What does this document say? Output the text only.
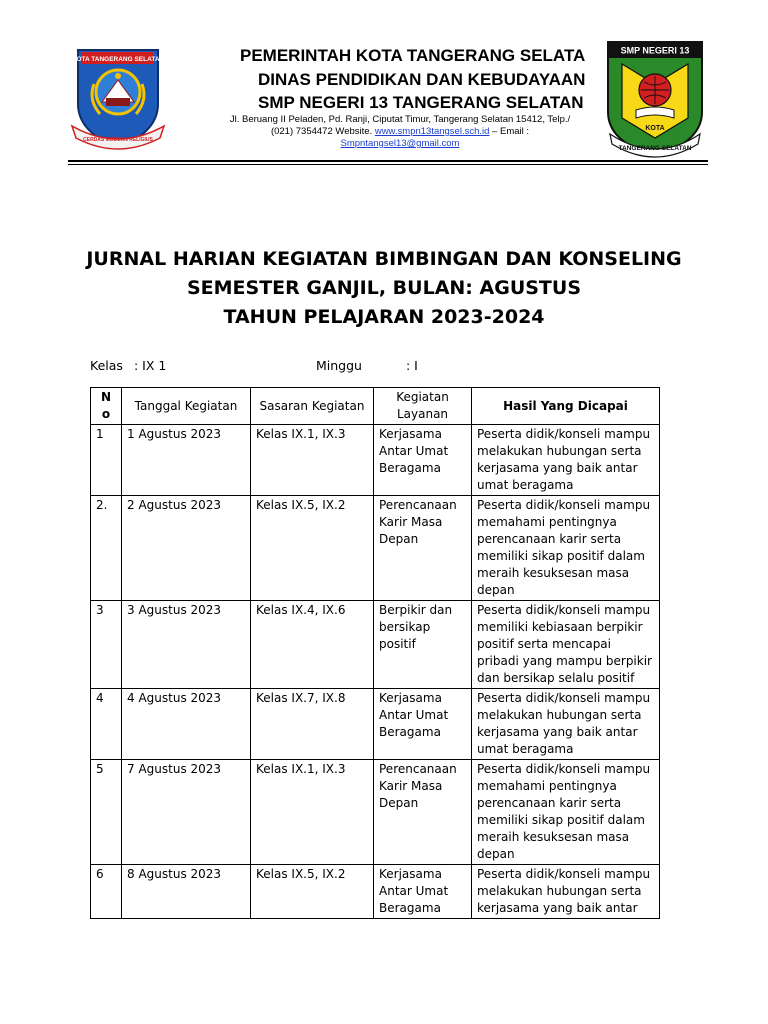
KOTA TANGERANG SELATAN
CERDAS MODERN RELIGIUS
PEMERINTAH KOTA TANGERANG SELATA
DINAS PENDIDIKAN DAN KEBUDAYAAN
SMP NEGERI 13 TANGERANG SELATAN
Jl. Beruang II Peladen, Pd. Ranji, Ciputat Timur, Tangerang Selatan 15412, Telp./
(021) 7354472 Website. www.smpn13tangsel.sch.id – Email :
Smpntangsel13@gmail.com
SMP NEGERI 13
KOTA
TANGERANG SELATAN
JURNAL HARIAN KEGIATAN BIMBINGAN DAN KONSELING
SEMESTER GANJIL, BULAN: AGUSTUS
TAHUN PELAJARAN 2023-2024
Kelas : IX 1	Minggu	: I
N o	Tanggal Kegiatan	Sasaran Kegiatan	Kegiatan Layanan	Hasil Yang Dicapai
1	1 Agustus 2023	Kelas IX.1, IX.3	Kerjasama Antar Umat Beragama	Peserta didik/konseli mampu melakukan hubungan serta kerjasama yang baik antar umat beragama
2.	2 Agustus 2023	Kelas IX.5, IX.2	Perencanaan Karir Masa Depan	Peserta didik/konseli mampu memahami pentingnya perencanaan karir serta memiliki sikap positif dalam meraih kesuksesan masa depan
3	3 Agustus 2023	Kelas IX.4, IX.6	Berpikir dan bersikap positif	Peserta didik/konseli mampu memiliki kebiasaan berpikir positif serta mencapai pribadi yang mampu berpikir dan bersikap selalu positif
4	4 Agustus 2023	Kelas IX.7, IX.8	Kerjasama Antar Umat Beragama	Peserta didik/konseli mampu melakukan hubungan serta kerjasama yang baik antar umat beragama
5	7 Agustus 2023	Kelas IX.1, IX.3	Perencanaan Karir Masa Depan	Peserta didik/konseli mampu memahami pentingnya perencanaan karir serta memiliki sikap positif dalam meraih kesuksesan masa depan
6	8 Agustus 2023	Kelas IX.5, IX.2	Kerjasama Antar Umat Beragama	Peserta didik/konseli mampu melakukan hubungan serta kerjasama yang baik antar
